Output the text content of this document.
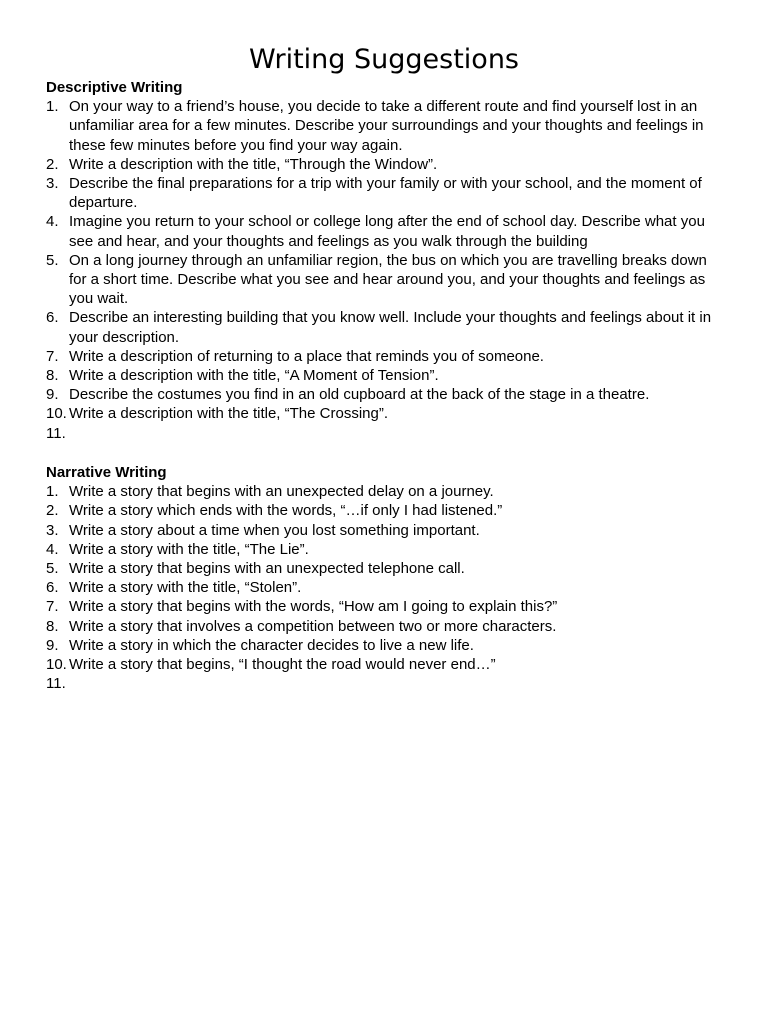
Writing Suggestions
Descriptive Writing
1. On your way to a friend’s house, you decide to take a different route and find yourself lost in an unfamiliar area for a few minutes. Describe your surroundings and your thoughts and feelings in these few minutes before you find your way again.
2. Write a description with the title, “Through the Window”.
3. Describe the final preparations for a trip with your family or with your school, and the moment of departure.
4. Imagine you return to your school or college long after the end of school day. Describe what you see and hear, and your thoughts and feelings as you walk through the building
5. On a long journey through an unfamiliar region, the bus on which you are travelling breaks down for a short time. Describe what you see and hear around you, and your thoughts and feelings as you wait.
6. Describe an interesting building that you know well. Include your thoughts and feelings about it in your description.
7. Write a description of returning to a place that reminds you of someone.
8. Write a description with the title, “A Moment of Tension”.
9. Describe the costumes you find in an old cupboard at the back of the stage in a theatre.
10. Write a description with the title, “The Crossing”.
11.
Narrative Writing
1. Write a story that begins with an unexpected delay on a journey.
2. Write a story which ends with the words, “…if only I had listened.”
3. Write a story about a time when you lost something important.
4. Write a story with the title, “The Lie”.
5. Write a story that begins with an unexpected telephone call.
6. Write a story with the title, “Stolen”.
7. Write a story that begins with the words, “How am I going to explain this?”
8. Write a story that involves a competition between two or more characters.
9. Write a story in which the character decides to live a new life.
10. Write a story that begins, “I thought the road would never end…”
11.
